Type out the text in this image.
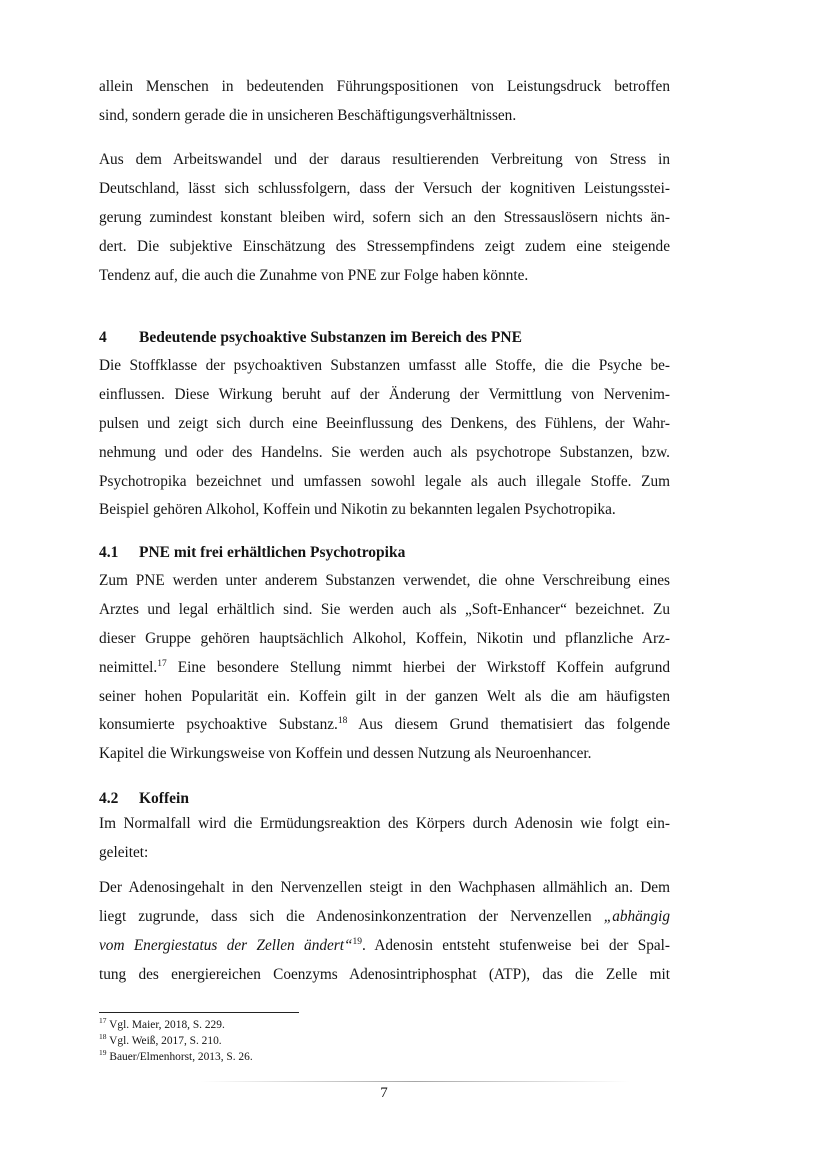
allein Menschen in bedeutenden Führungspositionen von Leistungsdruck betroffen
sind, sondern gerade die in unsicheren Beschäftigungsverhältnissen.
Aus dem Arbeitswandel und der daraus resultierenden Verbreitung von Stress in
Deutschland, lässt sich schlussfolgern, dass der Versuch der kognitiven Leistungsstei-
gerung zumindest konstant bleiben wird, sofern sich an den Stressauslösern nichts än-
dert. Die subjektive Einschätzung des Stressempfindens zeigt zudem eine steigende
Tendenz auf, die auch die Zunahme von PNE zur Folge haben könnte.
4 Bedeutende psychoaktive Substanzen im Bereich des PNE
Die Stoffklasse der psychoaktiven Substanzen umfasst alle Stoffe, die die Psyche be-
einflussen. Diese Wirkung beruht auf der Änderung der Vermittlung von Nervenim-
pulsen und zeigt sich durch eine Beeinflussung des Denkens, des Fühlens, der Wahr-
nehmung und oder des Handelns. Sie werden auch als psychotrope Substanzen, bzw.
Psychotropika bezeichnet und umfassen sowohl legale als auch illegale Stoffe. Zum
Beispiel gehören Alkohol, Koffein und Nikotin zu bekannten legalen Psychotropika.
4.1 PNE mit frei erhältlichen Psychotropika
Zum PNE werden unter anderem Substanzen verwendet, die ohne Verschreibung eines
Arztes und legal erhältlich sind. Sie werden auch als „Soft-Enhancer“ bezeichnet. Zu
dieser Gruppe gehören hauptsächlich Alkohol, Koffein, Nikotin und pflanzliche Arz-
neimittel.$^{17}$ Eine besondere Stellung nimmt hierbei der Wirkstoff Koffein aufgrund
seiner hohen Popularität ein. Koffein gilt in der ganzen Welt als die am häufigsten
konsumierte psychoaktive Substanz.$^{18}$ Aus diesem Grund thematisiert das folgende
Kapitel die Wirkungsweise von Koffein und dessen Nutzung als Neuroenhancer.
4.2 Koffein
Im Normalfall wird die Ermüdungsreaktion des Körpers durch Adenosin wie folgt ein-
geleitet:
Der Adenosingehalt in den Nervenzellen steigt in den Wachphasen allmählich an. Dem
liegt zugrunde, dass sich die Andenosinkonzentration der Nervenzellen „abhängig
vom Energiestatus der Zellen ändert“$^{19}$. Adenosin entsteht stufenweise bei der Spal-
tung des energiereichen Coenzyms Adenosintriphosphat (ATP), das die Zelle mit
$^{17}$ Vgl. Maier, 2018, S. 229.
$^{18}$ Vgl. Weiß, 2017, S. 210.
$^{19}$ Bauer/Elmenhorst, 2013, S. 26.
7
